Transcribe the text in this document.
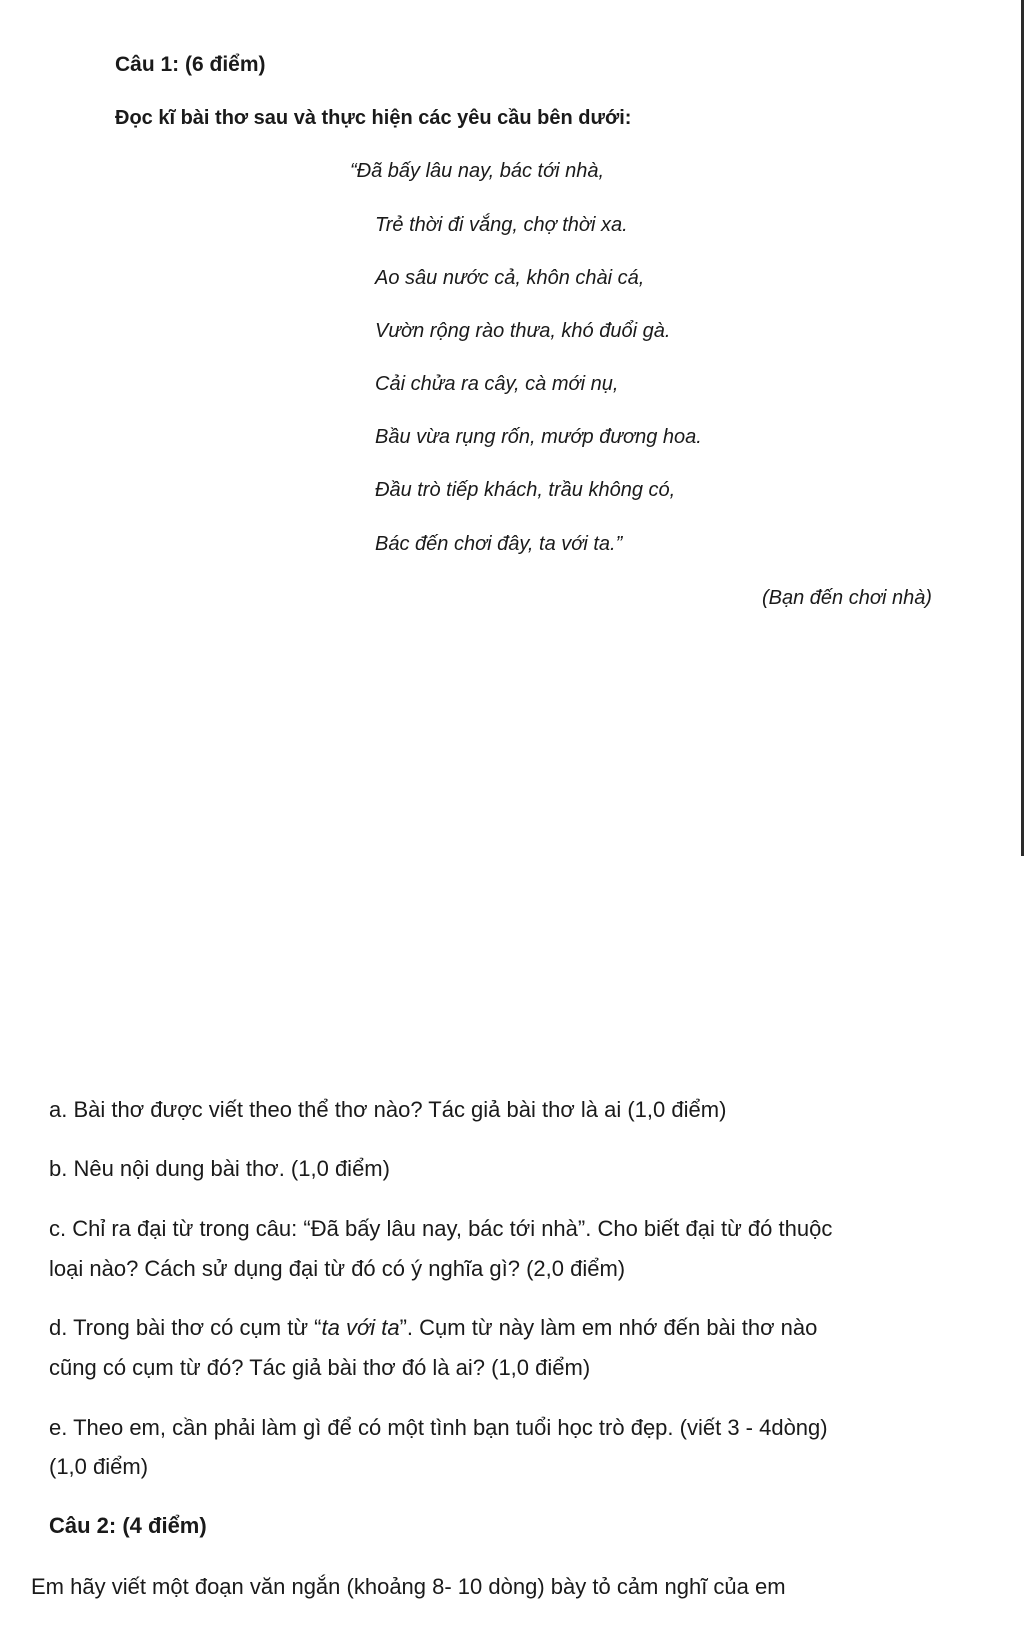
Câu 1: (6 điểm)

Đọc kĩ bài thơ sau và thực hiện các yêu cầu bên dưới:

“Đã bấy lâu nay, bác tới nhà,

Trẻ thời đi vắng, chợ thời xa.

Ao sâu nước cả, khôn chài cá,

Vườn rộng rào thưa, khó đuổi gà.

Cải chửa ra cây, cà mới nụ,

Bầu vừa rụng rốn, mướp đương hoa.

Đầu trò tiếp khách, trầu không có,

Bác đến chơi đây, ta với ta.”

(Bạn đến chơi nhà)

a. Bài thơ được viết theo thể thơ nào? Tác giả bài thơ là ai (1,0 điểm)

b. Nêu nội dung bài thơ. (1,0 điểm)

c. Chỉ ra đại từ trong câu: “Đã bấy lâu nay, bác tới nhà”. Cho biết đại từ đó thuộc

loại nào? Cách sử dụng đại từ đó có ý nghĩa gì? (2,0 điểm)

d. Trong bài thơ có cụm từ “ta với ta”. Cụm từ này làm em nhớ đến bài thơ nào

cũng có cụm từ đó? Tác giả bài thơ đó là ai? (1,0 điểm)

e. Theo em, cần phải làm gì để có một tình bạn tuổi học trò đẹp. (viết 3 - 4dòng)

(1,0 điểm)

Câu 2: (4 điểm)

Em hãy viết một đoạn văn ngắn (khoảng 8- 10 dòng) bày tỏ cảm nghĩ của em
